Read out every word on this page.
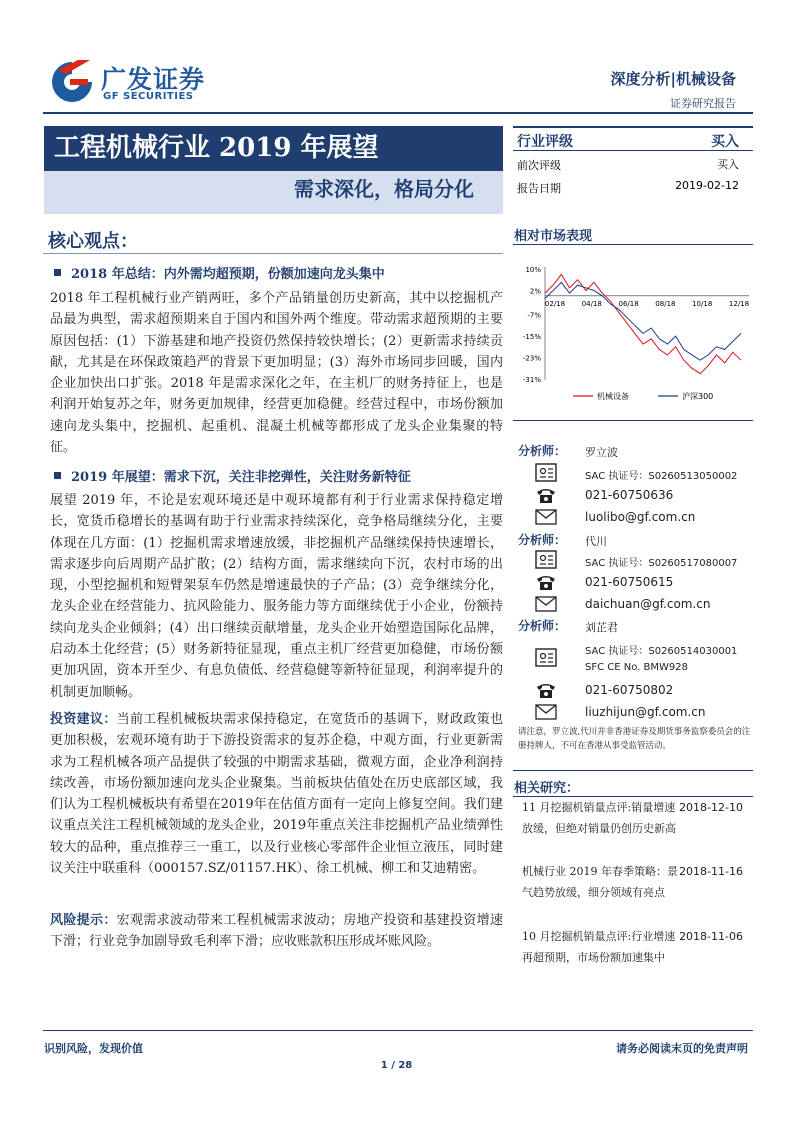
广发证券
GF SECURITIES
深度分析|机械设备
证券研究报告
工程机械行业 2019 年展望
需求深化，格局分化
行业评级	买入
前次评级	买入
报告日期	2019-02-12
核心观点：
2018 年总结：内外需均超预期，份额加速向龙头集中
2018 年工程机械行业产销两旺，多个产品销量创历史新高，其中以挖掘机产品最为典型，需求超预期来自于国内和国外两个维度。带动需求超预期的主要原因包括：(1）下游基建和地产投资仍然保持较快增长；(2）更新需求持续贡献，尤其是在环保政策趋严的背景下更加明显；(3）海外市场同步回暖，国内企业加快出口扩张。2018 年是需求深化之年，在主机厂的财务持征上，也是利润开始复苏之年，财务更加规律，经营更加稳健。经营过程中，市场份额加速向龙头集中，挖掘机、起重机、混凝土机械等都形成了龙头企业集聚的特征。
2019 年展望：需求下沉，关注非挖弹性，关注财务新特征
展望 2019 年，不论是宏观环境还是中观环境都有利于行业需求保持稳定增长，宽货币稳增长的基调有助于行业需求持续深化，竞争格局继续分化，主要体现在几方面：(1）挖掘机需求增速放缓，非挖掘机产品继续保持快速增长，需求逐步向后周期产品扩散；(2）结构方面，需求继续向下沉，农村市场的出现，小型挖掘机和短臂架泵车仍然是增速最快的子产品；(3）竞争继续分化，龙头企业在经营能力、抗风险能力、服务能力等方面继续优于小企业，份额持续向龙头企业倾斜；(4）出口继续贡献增量，龙头企业开始塑造国际化品牌，启动本土化经营；(5）财务新特征显现，重点主机厂经营更加稳健，市场份额更加巩固，资本开至少、有息负债低、经营稳健等新特征显现，利润率提升的机制更加顺畅。
投资建议：当前工程机械板块需求保持稳定，在宽货币的基调下，财政政策也更加积极，宏观环境有助于下游投资需求的复苏企稳，中观方面，行业更新需求为工程机械各项产品提供了较强的中期需求基础，微观方面，企业净利润持续改善，市场份额加速向龙头企业聚集。当前板块估值处在历史底部区域，我们认为工程机械板块有希望在2019年在估值方面有一定向上修复空间。我们建议重点关注工程机械领域的龙头企业，2019年重点关注非挖掘机产品业绩弹性较大的品种，重点推荐三一重工，以及行业核心零部件企业恒立液压，同时建议关注中联重科（000157.SZ/01157.HK）、徐工机械、柳工和艾迪精密。
风险提示：宏观需求波动带来工程机械需求波动；房地产投资和基建投资增速下滑；行业竞争加剧导致毛利率下滑；应收账款积压形成坏账风险。
相对市场表现
10%
2%
-7%
-15%
-23%
-31%
02/18 04/18 06/18 08/18 10/18 12/18
机械设备	沪深300
分析师： 罗立波
SAC 执证号：S0260513050002
021-60750636
luolibo@gf.com.cn
分析师： 代川
SAC 执证号：S0260517080007
021-60750615
daichuan@gf.com.cn
分析师： 刘芷君
SAC 执证号：S0260514030001
SFC CE No. BMW928
021-60750802
liuzhijun@gf.com.cn
请注意，罗立波,代川并非香港证券及期货事务监察委员会的注册持牌人，不可在香港从事受监管活动。
相关研究：
11 月挖掘机销量点评:销量增速放缓，但绝对销量仍创历史新高
2018-12-10
机械行业 2019 年春季策略：景气趋势放缓，细分领域有亮点
2018-11-16
10 月挖掘机销量点评:行业增速再超预期，市场份额加速集中
2018-11-06
识别风险，发现价值	请务必阅读末页的免责声明
1 / 28
